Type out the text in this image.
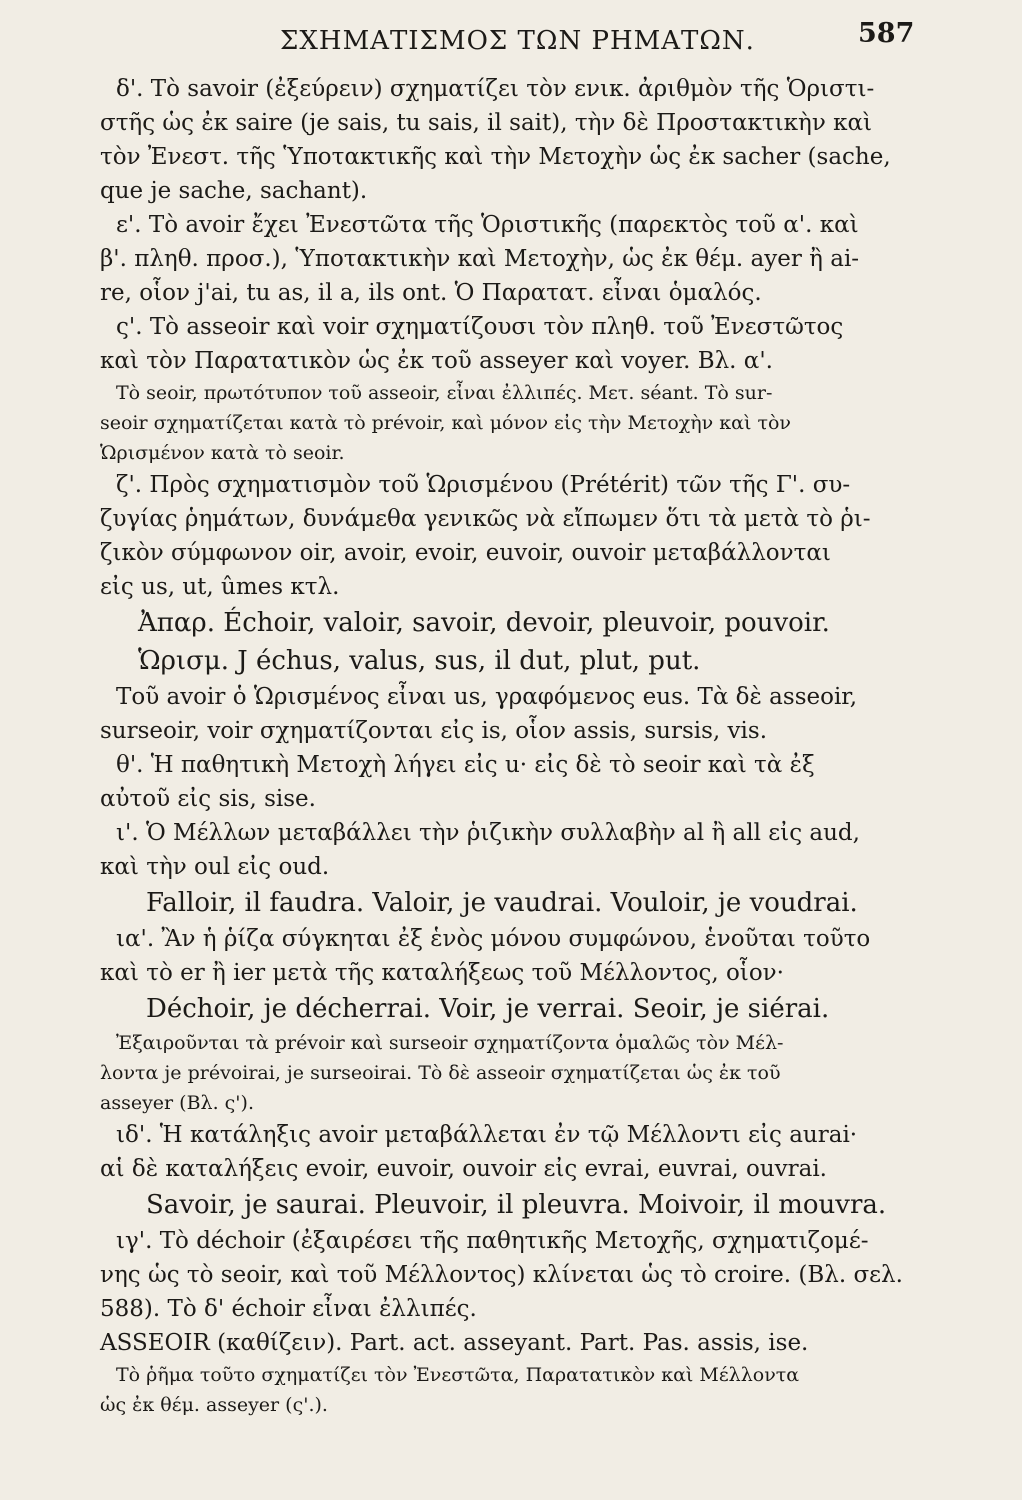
ΣΧΗΜΑΤΙΣΜΟΣ ΤΩΝ ΡΗΜΑΤΩΝ.	587
δ'. Τὸ savoir (ἐξεύρειν) σχηματίζει τὸν ενικ. ἀριθμὸν τῆς Ὁριστι-
στῆς ὡς ἐκ saire (je sais, tu sais, il sait), τὴν δὲ Προστακτικὴν καὶ
τὸν Ἐνεστ. τῆς Ὑποτακτικῆς καὶ τὴν Μετοχὴν ὡς ἐκ sacher (sache,
que je sache, sachant).
ε'. Τὸ avoir ἔχει Ἐνεστῶτα τῆς Ὁριστικῆς (παρεκτὸς τοῦ α'. καὶ
β'. πληθ. προσ.), Ὑποτακτικὴν καὶ Μετοχὴν, ὡς ἐκ θέμ. ayer ἢ ai-
re, οἷον j'ai, tu as, il a, ils ont. Ὁ Παρατατ. εἶναι ὁμαλός.
ς'. Τὸ asseoir καὶ voir σχηματίζουσι τὸν πληθ. τοῦ Ἐνεστῶτος
καὶ τὸν Παρατατικὸν ὡς ἐκ τοῦ asseyer καὶ voyer. Βλ. α'.
Τὸ seoir, πρωτότυπον τοῦ asseoir, εἶναι ἐλλιπές. Μετ. séant. Τὸ sur-
seoir σχηματίζεται κατὰ τὸ prévoir, καὶ μόνον εἰς τὴν Μετοχὴν καὶ τὸν
Ὡρισμένον κατὰ τὸ seoir.
ζ'. Πρὸς σχηματισμὸν τοῦ Ὡρισμένου (Prétérit) τῶν τῆς Γ'. συ-
ζυγίας ῥημάτων, δυνάμεθα γενικῶς νὰ εἴπωμεν ὅτι τὰ μετὰ τὸ ῥι-
ζικὸν σύμφωνον oir, avoir, evoir, euvoir, ouvoir μεταβάλλονται
εἰς us, ut, ûmes κτλ.
Ἀπαρ. Échoir, valoir, savoir, devoir, pleuvoir, pouvoir.
Ὡρισμ. J échus, valus, sus, il dut, plut, put.
Τοῦ avoir ὁ Ὡρισμένος εἶναι us, γραφόμενος eus. Τὰ δὲ asseoir,
surseoir, voir σχηματίζονται εἰς is, οἷον assis, sursis, vis.
θ'. Ἡ παθητικὴ Μετοχὴ λήγει εἰς u· εἰς δὲ τὸ seoir καὶ τὰ ἐξ
αὐτοῦ εἰς sis, sise.
ι'. Ὁ Μέλλων μεταβάλλει τὴν ῥιζικὴν συλλαβὴν al ἢ all εἰς aud,
καὶ τὴν oul εἰς oud.
Falloir, il faudra. Valoir, je vaudrai. Vouloir, je voudrai.
ια'. Ἂν ἡ ῥίζα σύγκηται ἐξ ἑνὸς μόνου συμφώνου, ἑνοῦται τοῦτο
καὶ τὸ er ἢ ier μετὰ τῆς καταλήξεως τοῦ Μέλλοντος, οἷον·
Déchoir, je décherrai. Voir, je verrai. Seoir, je siérai.
Ἐξαιροῦνται τὰ prévoir καὶ surseoir σχηματίζοντα ὁμαλῶς τὸν Μέλ-
λοντα je prévoirai, je surseoirai. Τὸ δὲ asseoir σχηματίζεται ὡς ἐκ τοῦ
asseyer (Βλ. ς').
ιδ'. Ἡ κατάληξις avoir μεταβάλλεται ἐν τῷ Μέλλοντι εἰς aurai·
αἱ δὲ καταλήξεις evoir, euvoir, ouvoir εἰς evrai, euvrai, ouvrai.
Savoir, je saurai. Pleuvoir, il pleuvra. Moivoir, il mouvra.
ιγ'. Τὸ déchoir (ἐξαιρέσει τῆς παθητικῆς Μετοχῆς, σχηματιζομέ-
νης ὡς τὸ seoir, καὶ τοῦ Μέλλοντος) κλίνεται ὡς τὸ croire. (Βλ. σελ.
588). Τὸ δ' échoir εἶναι ἐλλιπές.
ASSEOIR (καθίζειν). Part. act. asseyant. Part. Pas. assis, ise.
Τὸ ῥῆμα τοῦτο σχηματίζει τὸν Ἐνεστῶτα, Παρατατικὸν καὶ Μέλλοντα
ὡς ἐκ θέμ. asseyer (ς'.).
